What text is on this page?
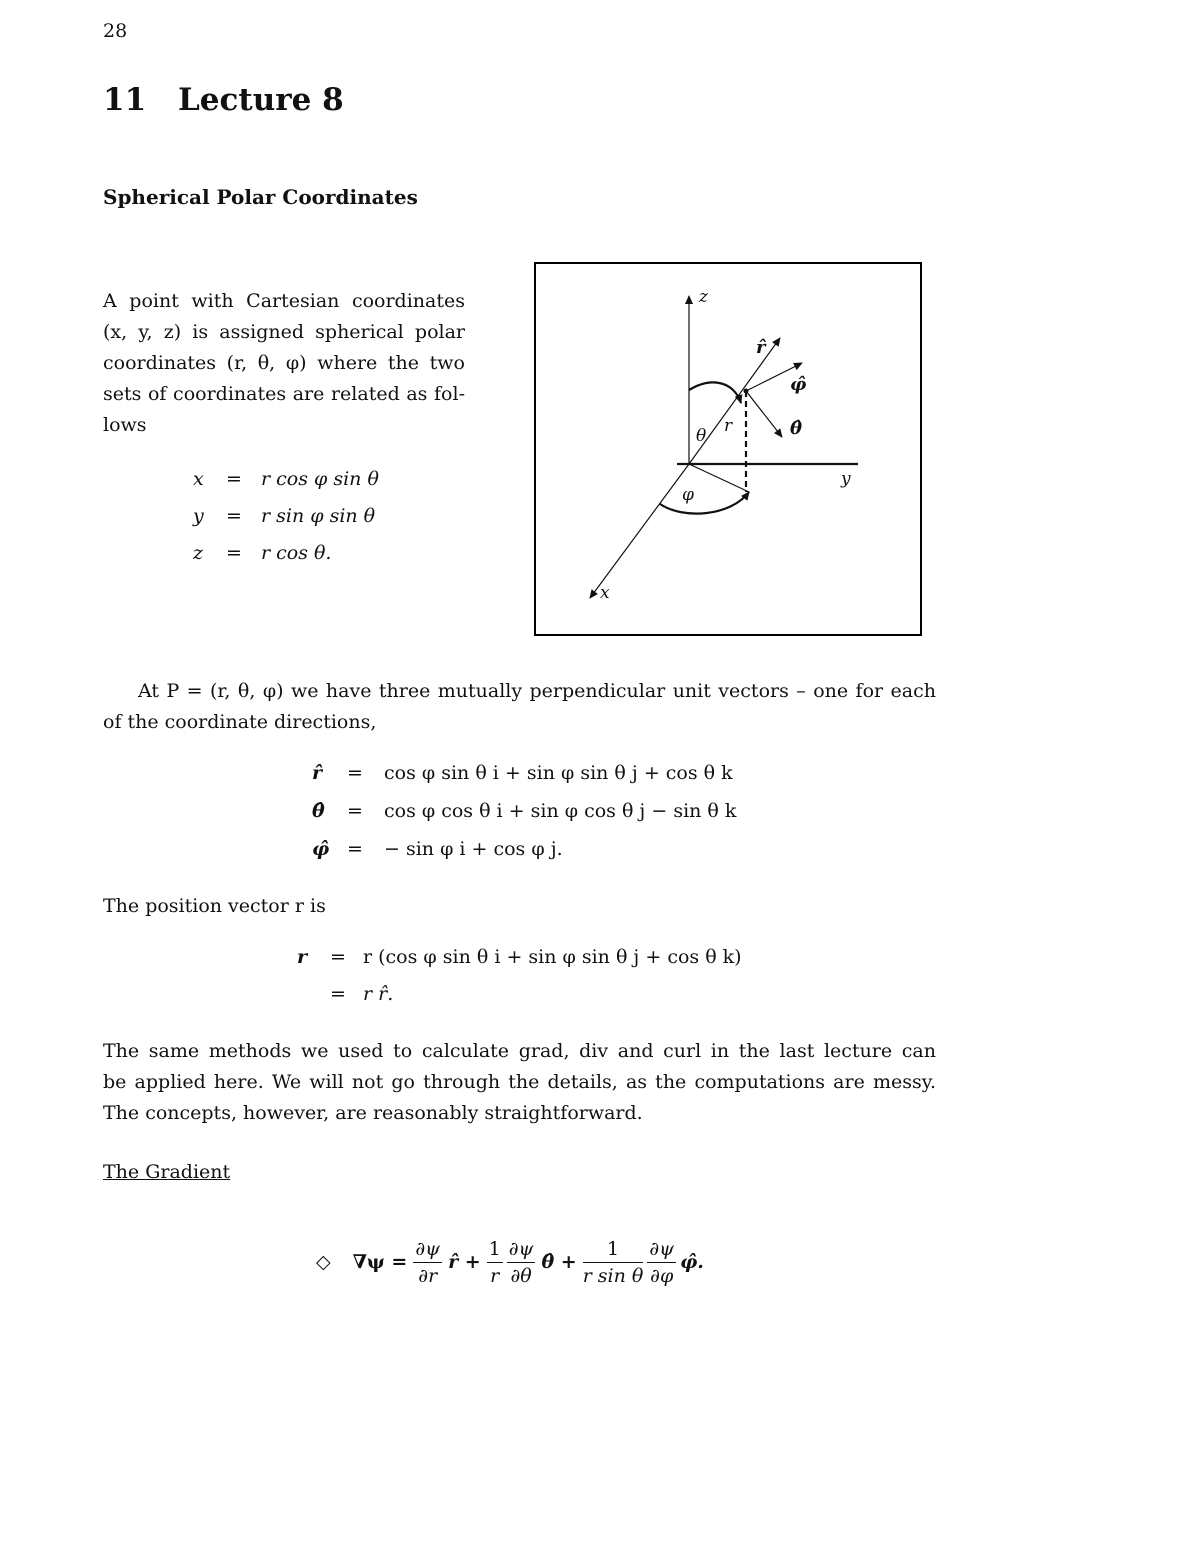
28
11 Lecture 8
Spherical Polar Coordinates
A point with Cartesian coordinates
(x, y, z) is assigned spherical polar
coordinates (r, θ, φ) where the two
sets of coordinates are related as fol-
lows
x = r cos φ sin θ
y = r sin φ sin θ
z = r cos θ.
z
y
x
r̂
φ̂
θ̂
θ r
φ
At P = (r, θ, φ) we have three mutually perpendicular unit vectors – one for each
of the coordinate directions,
r̂ = cos φ sin θ i + sin φ sin θ j + cos θ k
θ̂ = cos φ cos θ i + sin φ cos θ j − sin θ k
φ̂ = − sin φ i + cos φ j.
The position vector r is
r = r (cos φ sin θ i + sin φ sin θ j + cos θ k)
= r r̂.
The same methods we used to calculate grad, div and curl in the last lecture can
be applied here. We will not go through the details, as the computations are messy.
The concepts, however, are reasonably straightforward.
The Gradient
◇ $\nabla\psi = \frac{\partial\psi}{\partial r}$ r̂ + $\frac{1}{r} \frac{\partial\psi}{\partial\theta}$ θ̂ + $\frac{1}{\text{r sin θ}} \frac{\partial\psi}{\partial\varphi}$ φ̂.
